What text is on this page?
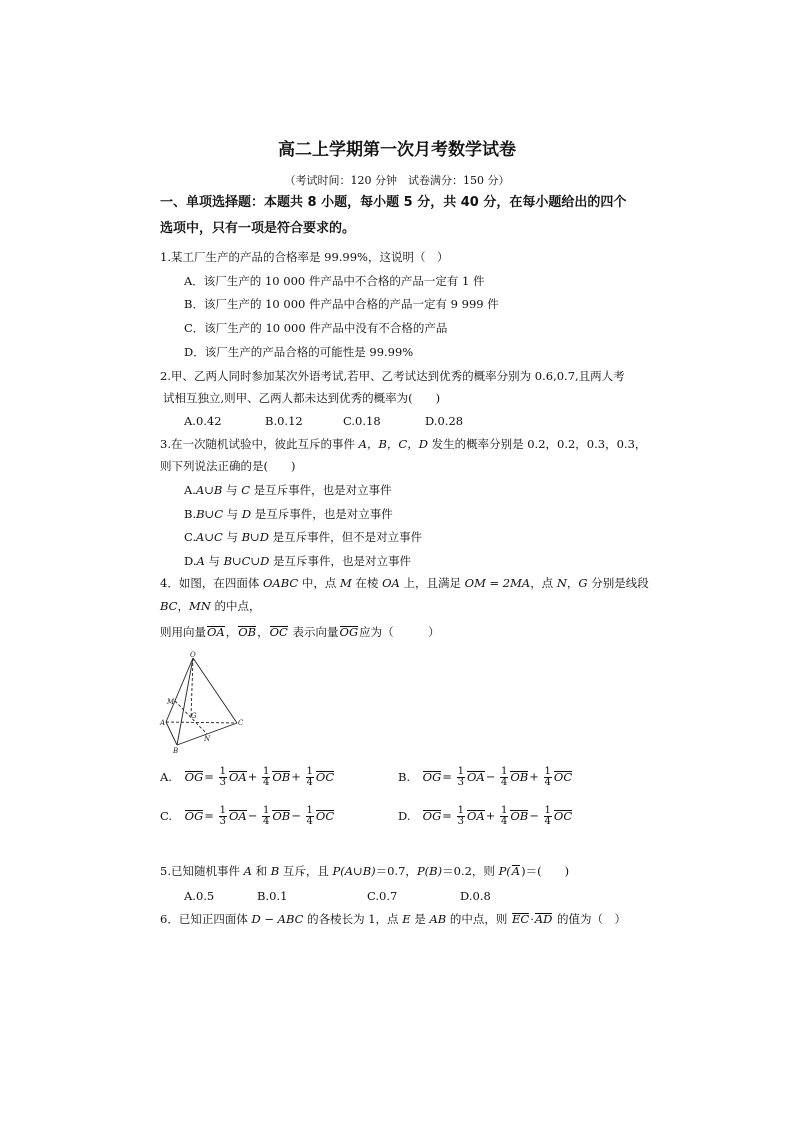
高二上学期第一次月考数学试卷
（考试时间：120 分钟　试卷满分：150 分）
一、单项选择题：本题共 8 小题，每小题 5 分，共 40 分，在每小题给出的四个
选项中，只有一项是符合要求的。
1.某工厂生产的产品的合格率是 99.99%，这说明（　）
A．该厂生产的 10 000 件产品中不合格的产品一定有 1 件
B．该厂生产的 10 000 件产品中合格的产品一定有 9 999 件
C．该厂生产的 10 000 件产品中没有不合格的产品
D．该厂生产的产品合格的可能性是 99.99%
2.甲、乙两人同时参加某次外语考试,若甲、乙考试达到优秀的概率分别为 0.6,0.7,且两人考
试相互独立,则甲、乙两人都未达到优秀的概率为(　　)
A.0.42	B.0.12	C.0.18	D.0.28
3.在一次随机试验中，彼此互斥的事件 A，B，C，D 发生的概率分别是 0.2，0.2，0.3，0.3，
则下列说法正确的是(　　)
A.A∪B 与 C 是互斥事件，也是对立事件
B.B∪C 与 D 是互斥事件，也是对立事件
C.A∪C 与 B∪D 是互斥事件，但不是对立事件
D.A 与 B∪C∪D 是互斥事件，也是对立事件
4．如图，在四面体 OABC 中，点 M 在棱 OA 上，且满足 OM = 2MA，点 N，G 分别是线段
BC，MN 的中点，
则用向量OA，OB，OC 表示向量OG应为（　　　）
O
M
A
G
C
N
B
A. $OG= \frac{1}{3} OA+ \frac{1}{4} OB+ \frac{1}{4}$ OC	B. $OG= \frac{1}{3} OA- \frac{1}{4} OB+ \frac{1}{4}$ OC
C. $OG= \frac{1}{3} OA- \frac{1}{4} OB- \frac{1}{4}$ OC	D. $OG= \frac{1}{3} OA+ \frac{1}{4} OB- \frac{1}{4}$ OC
5.已知随机事件 A 和 B 互斥，且 P(A∪B)＝0.7，P(B)＝0.2，则 P(A)＝(　　)
A.0.5	B.0.1	C.0.7	D.0.8
6．已知正四面体 D − ABC 的各棱长为 1，点 E 是 AB 的中点，则 EC·AD 的值为（　）
